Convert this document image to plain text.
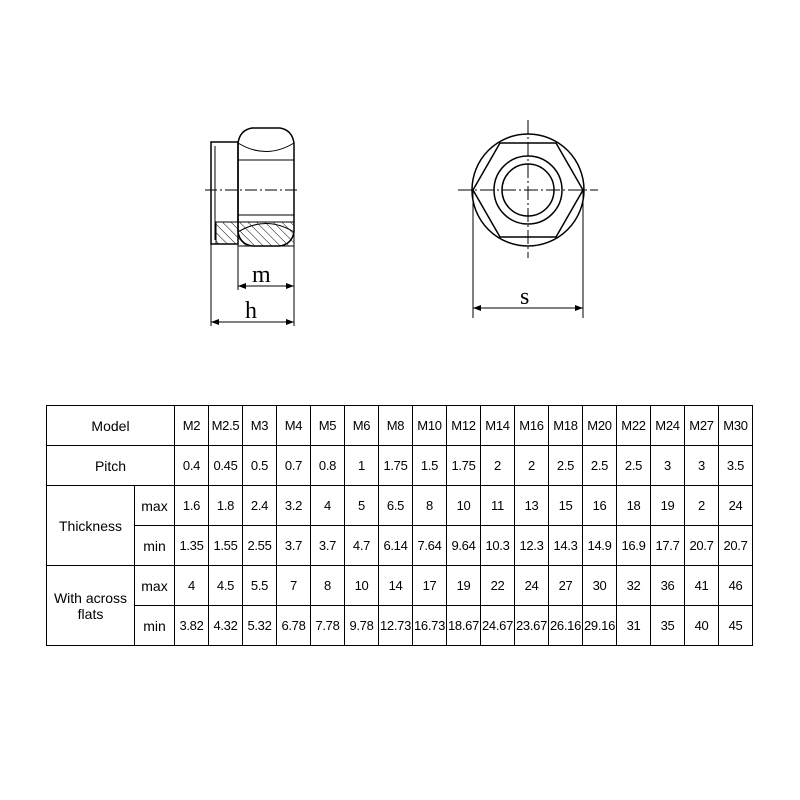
m
h
s
Model		M2	M2.5	M3	M4	M5	M6	M8	M10	M12	M14	M16	M18	M20	M22	M24	M27	M30
Pitch		0.4	0.45	0.5	0.7	0.8	1	1.75	1.5	1.75	2	2	2.5	2.5	2.5	3	3	3.5
Thickness	max	1.6	1.8	2.4	3.2	4	5	6.5	8	10	11	13	15	16	18	19	2	24
	min	1.35	1.55	2.55	3.7	3.7	4.7	6.14	7.64	9.64	10.3	12.3	14.3	14.9	16.9	17.7	20.7	20.7
With across flats	max	4	4.5	5.5	7	8	10	14	17	19	22	24	27	30	32	36	41	46
	min	3.82	4.32	5.32	6.78	7.78	9.78	12.73	16.73	18.67	24.67	23.67	26.16	29.16	31	35	40	45
